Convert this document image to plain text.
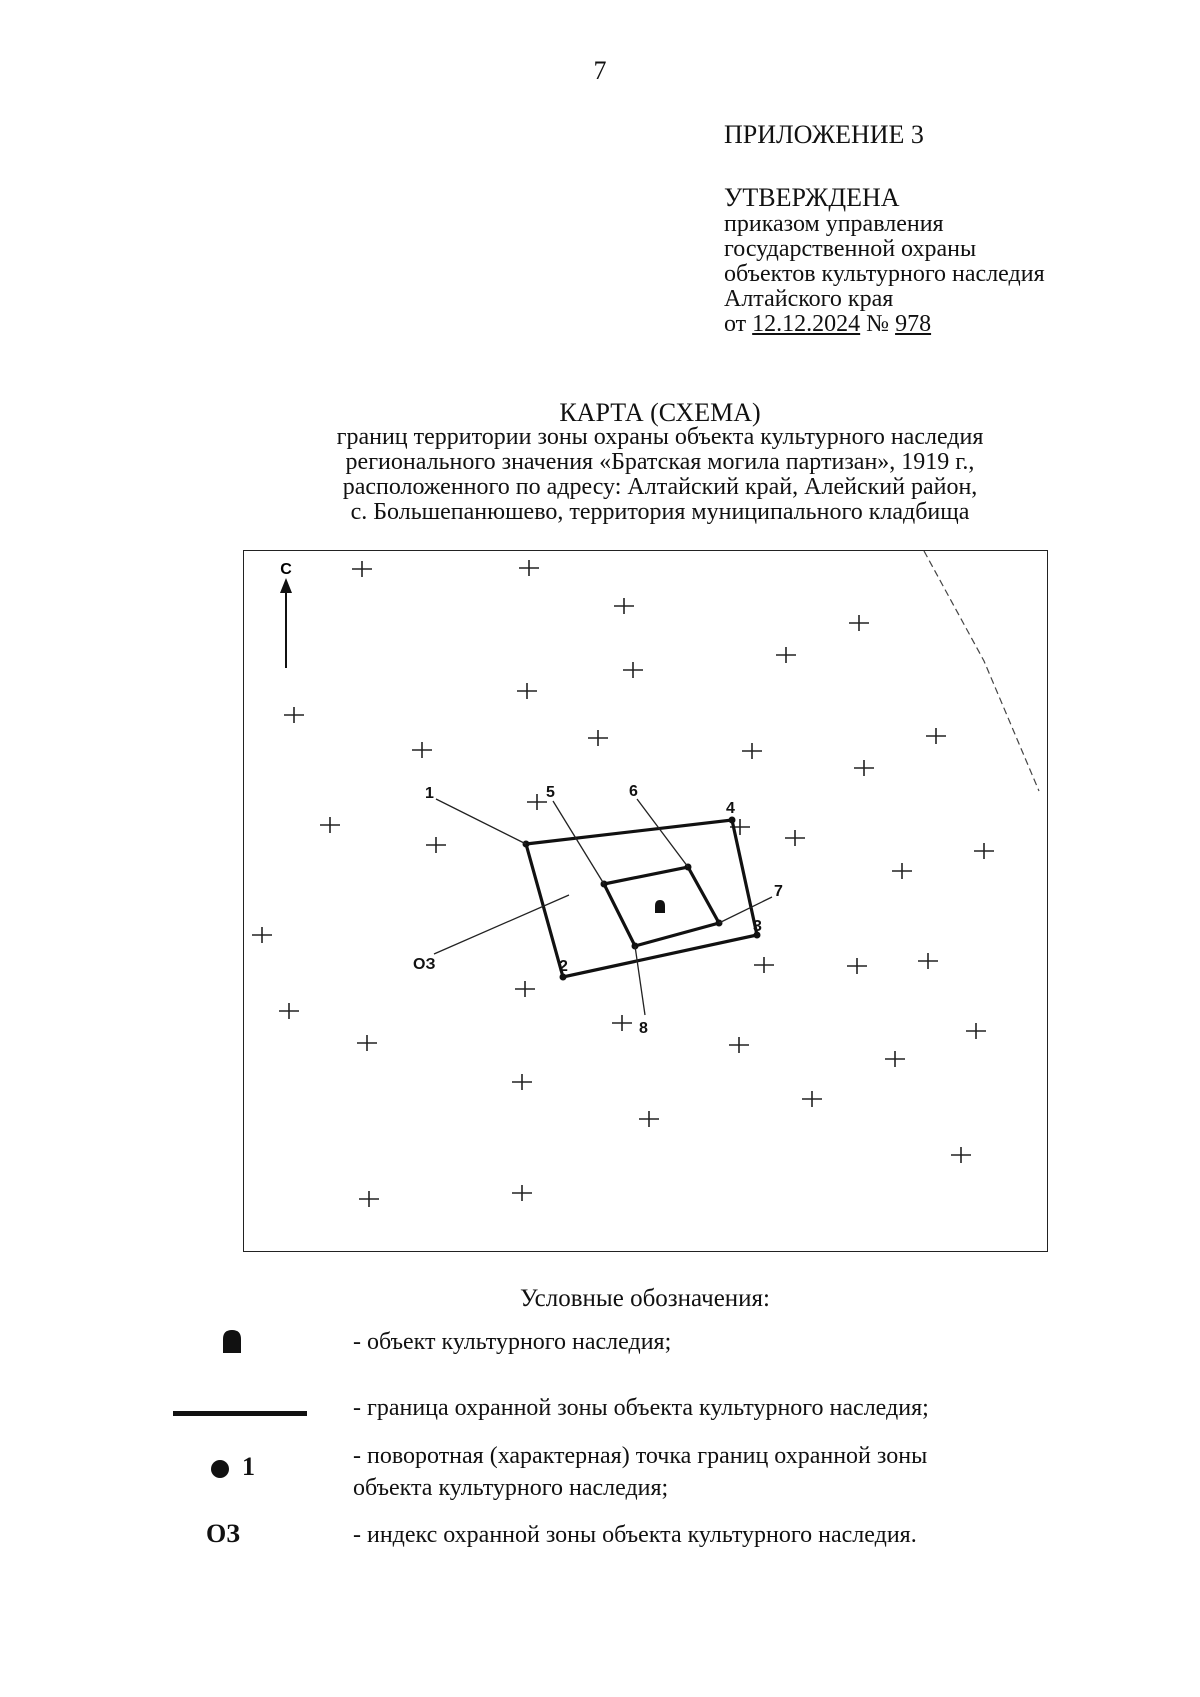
7
ПРИЛОЖЕНИЕ 3
УТВЕРЖДЕНА
приказом управления
государственной охраны
объектов культурного наследия
Алтайского края
от 12.12.2024 № 978
КАРТА (СХЕМА)
границ территории зоны охраны объекта культурного наследия
регионального значения «Братская могила партизан», 1919 г.,
расположенного по адресу: Алтайский край, Алейский район,
с. Большепанюшево, территория муниципального кладбища
С
1
2
3
4
5	6
7
8
ОЗ
Условные обозначения:
- объект культурного наследия;
- граница охранной зоны объекта культурного наследия;
1	- поворотная (характерная) точка границ охранной зоны
объекта культурного наследия;
ОЗ	- индекс охранной зоны объекта культурного наследия.
